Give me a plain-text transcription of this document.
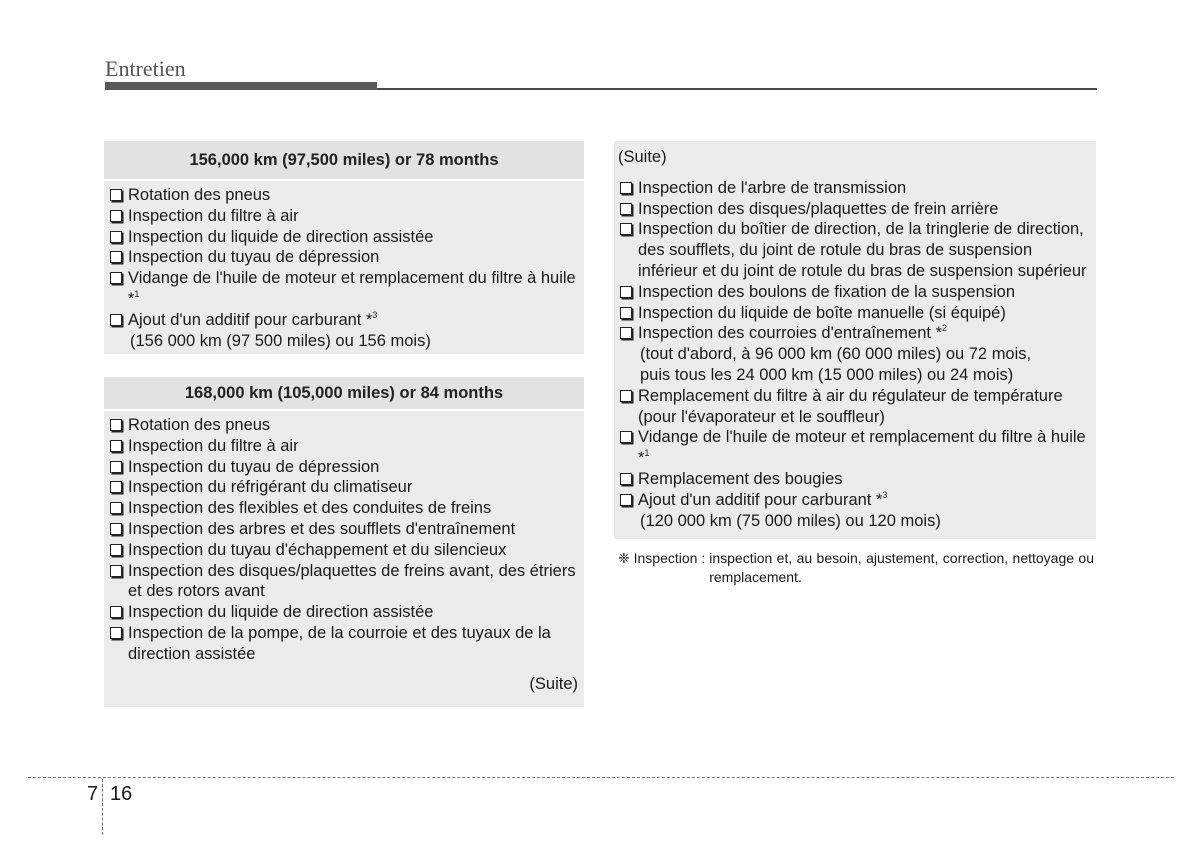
Entretien
156,000 km (97,500 miles) or 78 months
Rotation des pneus
Inspection du filtre à air
Inspection du liquide de direction assistée
Inspection du tuyau de dépression
Vidange de l'huile de moteur et remplacement du filtre à huile *$^1$
Ajout d'un additif pour carburant *$^3$
(156 000 km (97 500 miles) ou 156 mois)
168,000 km (105,000 miles) or 84 months
Rotation des pneus
Inspection du filtre à air
Inspection du tuyau de dépression
Inspection du réfrigérant du climatiseur
Inspection des flexibles et des conduites de freins
Inspection des arbres et des soufflets d'entraînement
Inspection du tuyau d'échappement et du silencieux
Inspection des disques/plaquettes de freins avant, des étriers et des rotors avant
Inspection du liquide de direction assistée
Inspection de la pompe, de la courroie et des tuyaux de la direction assistée
(Suite)
(Suite)
Inspection de l'arbre de transmission
Inspection des disques/plaquettes de frein arrière
Inspection du boîtier de direction, de la tringlerie de direction, des soufflets, du joint de rotule du bras de suspension inférieur et du joint de rotule du bras de suspension supérieur
Inspection des boulons de fixation de la suspension
Inspection du liquide de boîte manuelle (si équipé)
Inspection des courroies d'entraînement *$^2$
(tout d'abord, à 96 000 km (60 000 miles) ou 72 mois,
puis tous les 24 000 km (15 000 miles) ou 24 mois)
Remplacement du filtre à air du régulateur de température (pour l'évaporateur et le souffleur)
Vidange de l'huile de moteur et remplacement du filtre à huile *$^1$
Remplacement des bougies
Ajout d'un additif pour carburant *$^3$
(120 000 km (75 000 miles) ou 120 mois)
❈ Inspection : inspection et, au besoin, ajustement, correction, nettoyage ou remplacement.
7 16
